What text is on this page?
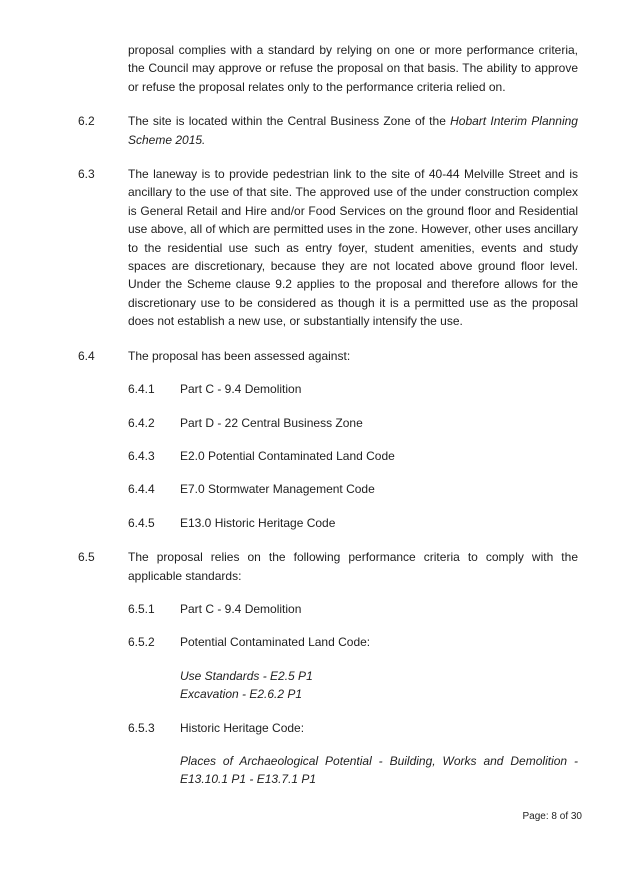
proposal complies with a standard by relying on one or more performance criteria, the Council may approve or refuse the proposal on that basis. The ability to approve or refuse the proposal relates only to the performance criteria relied on.

6.2	The site is located within the Central Business Zone of the Hobart Interim Planning Scheme 2015.

6.3	The laneway is to provide pedestrian link to the site of 40-44 Melville Street and is ancillary to the use of that site. The approved use of the under construction complex is General Retail and Hire and/or Food Services on the ground floor and Residential use above, all of which are permitted uses in the zone. However, other uses ancillary to the residential use such as entry foyer, student amenities, events and study spaces are discretionary, because they are not located above ground floor level. Under the Scheme clause 9.2 applies to the proposal and therefore allows for the discretionary use to be considered as though it is a permitted use as the proposal does not establish a new use, or substantially intensify the use.

6.4	The proposal has been assessed against:

6.4.1	Part C - 9.4 Demolition

6.4.2	Part D - 22 Central Business Zone

6.4.3	E2.0 Potential Contaminated Land Code

6.4.4	E7.0 Stormwater Management Code

6.4.5	E13.0 Historic Heritage Code

6.5	The proposal relies on the following performance criteria to comply with the applicable standards:

6.5.1	Part C - 9.4 Demolition

6.5.2	Potential Contaminated Land Code:

Use Standards - E2.5 P1
Excavation - E2.6.2 P1
6.5.3	Historic Heritage Code:

Places of Archaeological Potential - Building, Works and Demolition - E13.10.1 P1 - E13.7.1 P1
Page: 8 of 30
